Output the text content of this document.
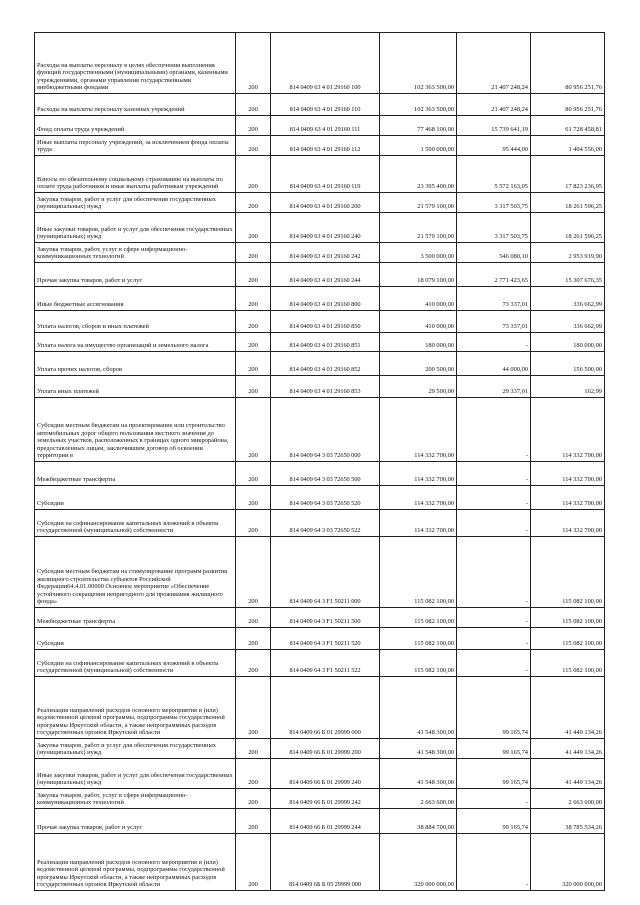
Расходы на выплаты персоналу в целях обеспечения выполнения функций государственными (муниципальными) органами, казенными учреждениями, органами управления государственными внебюджетными фондами	200	814 0409 63 4 01 29160 100	102 363 500,00	21 407 248,24	80 956 251,76
Расходы на выплаты персоналу казенных учреждений	200	814 0409 63 4 01 29160 110	102 363 500,00	21 407 248,24	80 956 251,76
Фонд оплаты труда учреждений	200	814 0409 63 4 01 29160 111	77 468 100,00	15 739 641,19	61 728 458,81
Иные выплаты персоналу учреждений, за исключением фонда оплаты труда	200	814 0409 63 4 01 29160 112	1 500 000,00	95 444,00	1 404 556,00
Взносы по обязательному социальному страхованию на выплаты по оплате труда работников и иные выплаты работникам учреждений	200	814 0409 63 4 01 29160 119	23 395 400,00	5 572 163,05	17 823 236,95
Закупка товаров, работ и услуг для обеспечения государственных (муниципальных) нужд	200	814 0409 63 4 01 29160 200	21 579 100,00	3 317 503,75	18 261 596,25
Иные закупки товаров, работ и услуг для обеспечения государственных (муниципальных) нужд	200	814 0409 63 4 01 29160 240	21 579 100,00	3 317 503,75	18 261 596,25
Закупка товаров, работ, услуг в сфере информационно-коммуникационных технологий	200	814 0409 63 4 01 29160 242	3 500 000,00	546 080,10	2 953 919,90
Прочая закупка товаров, работ и услуг	200	814 0409 63 4 01 29160 244	18 079 100,00	2 771 423,65	15 307 676,35
Иные бюджетные ассигнования	200	814 0409 63 4 01 29160 800	410 000,00	73 337,01	336 662,99
Уплата налогов, сборов и иных платежей	200	814 0409 63 4 01 29160 850	410 000,00	73 337,01	336 662,99
Уплата налога на имущество организаций и земельного налога	200	814 0409 63 4 01 29160 851	180 000,00	-	180 000,00
Уплата прочих налогов, сборов	200	814 0409 63 4 01 29160 852	200 500,00	44 000,00	156 500,00
Уплата иных платежей	200	814 0409 63 4 01 29160 853	29 500,00	29 337,01	162,99
Субсидии местным бюджетам на проектирование или строительство автомобильных дорог общего пользования местного значения до земельных участков, расположенных в границах одного микрорайона, предоставленных лицам, заключившим договор об освоении территории в	200	814 0409 64 3 03 72650 000	114 332 700,00	-	114 332 700,00
Межбюджетные трансферты	200	814 0409 64 3 03 72650 500	114 332 700,00	-	114 332 700,00
Субсидии	200	814 0409 64 3 03 72650 520	114 332 700,00	-	114 332 700,00
Субсидии на софинансирование капитальных вложений в объекты государственной (муниципальной) собственности	200	814 0409 64 3 03 72650 522	114 332 700,00	-	114 332 700,00
Субсидии местным бюджетам на стимулирование программ развития жилищного строительства субъектов Российской Федерации64.4.01.00000 Основное мероприятие «Обеспечение устойчивого сокращения непригодного для проживания жилищного фонда»	200	814 0409 64 3 F1 50211 000	115 082 100,00	-	115 082 100,00
Межбюджетные трансферты	200	814 0409 64 3 F1 50211 500	115 082 100,00	-	115 082 100,00
Субсидии	200	814 0409 64 3 F1 50211 520	115 082 100,00	-	115 082 100,00
Субсидии на софинансирование капитальных вложений в объекты государственной (муниципальной) собственности	200	814 0409 64 3 F1 50211 522	115 082 100,00	-	115 082 100,00
Реализация направлений расходов основного мероприятия и (или) ведомственной целевой программы, подпрограммы государственной программы Иркутской области, а также непрограммных расходов государственных органов Иркутской области	200	814 0409 66 Б 01 29999 000	41 548 300,00	99 165,74	41 449 134,26
Закупка товаров, работ и услуг для обеспечения государственных (муниципальных) нужд	200	814 0409 66 Б 01 29999 200	41 548 300,00	99 165,74	41 449 134,26
Иные закупки товаров, работ и услуг для обеспечения государственных (муниципальных) нужд	200	814 0409 66 Б 01 29999 240	41 548 300,00	99 165,74	41 449 134,26
Закупка товаров, работ, услуг в сфере информационно-коммуникационных технологий	200	814 0409 66 Б 01 29999 242	2 663 600,00	-	2 663 600,00
Прочая закупка товаров, работ и услуг	200	814 0409 66 Б 01 29999 244	38 884 700,00	99 165,74	38 785 534,26
Реализация направлений расходов основного мероприятия и (или) ведомственной целевой программы, подпрограммы государственной программы Иркутской области, а также непрограммных расходов государственных органов Иркутской области	200	814 0409 6Б Б 05 29999 000	320 000 000,00	-	320 000 000,00
